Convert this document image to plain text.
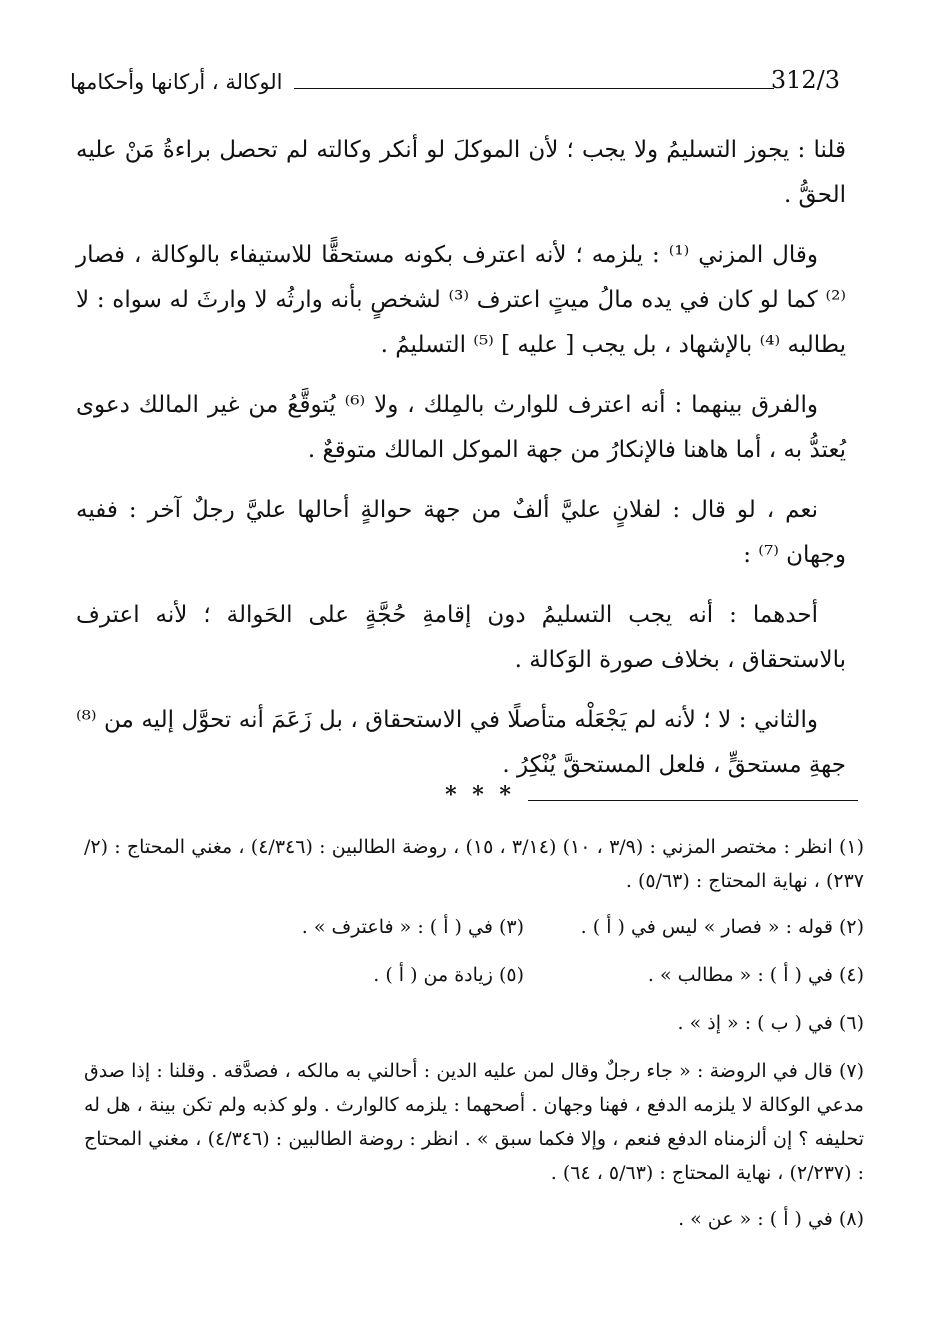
312/3
الوكالة ، أركانها وأحكامها

قلنا : يجوز التسليمُ ولا يجب ؛ لأن الموكلَ لو أنكر وكالته لم تحصل براءةُ مَنْ عليه الحقُّ .

وقال المزني ⁽¹⁾ : يلزمه ؛ لأنه اعترف بكونه مستحقًّا للاستيفاء بالوكالة ، فصار ⁽²⁾ كما لو كان في يده مالُ ميتٍ اعترف ⁽³⁾ لشخصٍ بأنه وارثُه لا وارثَ له سواه : لا يطالبه ⁽⁴⁾ بالإشهاد ، بل يجب [ عليه ] ⁽⁵⁾ التسليمُ .

والفرق بينهما : أنه اعترف للوارث بالمِلك ، ولا ⁽⁶⁾ يُتوقَّعُ من غير المالك دعوى يُعتدُّ به ، أما هاهنا فالإنكارُ من جهة الموكل المالك متوقعٌ .

نعم ، لو قال : لفلانٍ عليَّ ألفٌ من جهة حوالةٍ أحالها عليَّ رجلٌ آخر : ففيه وجهان ⁽⁷⁾ :

أحدهما : أنه يجب التسليمُ دون إقامةِ حُجَّةٍ على الحَوالة ؛ لأنه اعترف بالاستحقاق ، بخلاف صورة الوَكالة .

والثاني : لا ؛ لأنه لم يَجْعَلْه متأصلًا في الاستحقاق ، بل زَعَمَ أنه تحوَّل إليه من ⁽⁸⁾ جهةِ مستحقٍّ ، فلعل المستحقَّ يُنْكِرُ .

* * *
(١) انظر : مختصر المزني : (٣/٩ ، ١٠) (٣/١٤ ، ١٥) ، روضة الطالبين : (٤/٣٤٦) ، مغني المحتاج : (٢/ ٢٣٧) ، نهاية المحتاج : (٥/٦٣) .
(٢) قوله : « فصار » ليس في ( أ ) .
(٣) في ( أ ) : « فاعترف » .
(٤) في ( أ ) : « مطالب » .
(٥) زيادة من ( أ ) .
(٦) في ( ب ) : « إذ » .
(٧) قال في الروضة : « جاء رجلٌ وقال لمن عليه الدين : أحالني به مالكه ، فصدَّقه . وقلنا : إذا صدق مدعي الوكالة لا يلزمه الدفع ، فهنا وجهان . أصحهما : يلزمه كالوارث . ولو كذبه ولم تكن بينة ، هل له تحليفه ؟ إن ألزمناه الدفع فنعم ، وإلا فكما سبق » . انظر : روضة الطالبين : (٤/٣٤٦) ، مغني المحتاج : (٢/٢٣٧) ، نهاية المحتاج : (٥/٦٣ ، ٦٤) .
(٨) في ( أ ) : « عن » .
